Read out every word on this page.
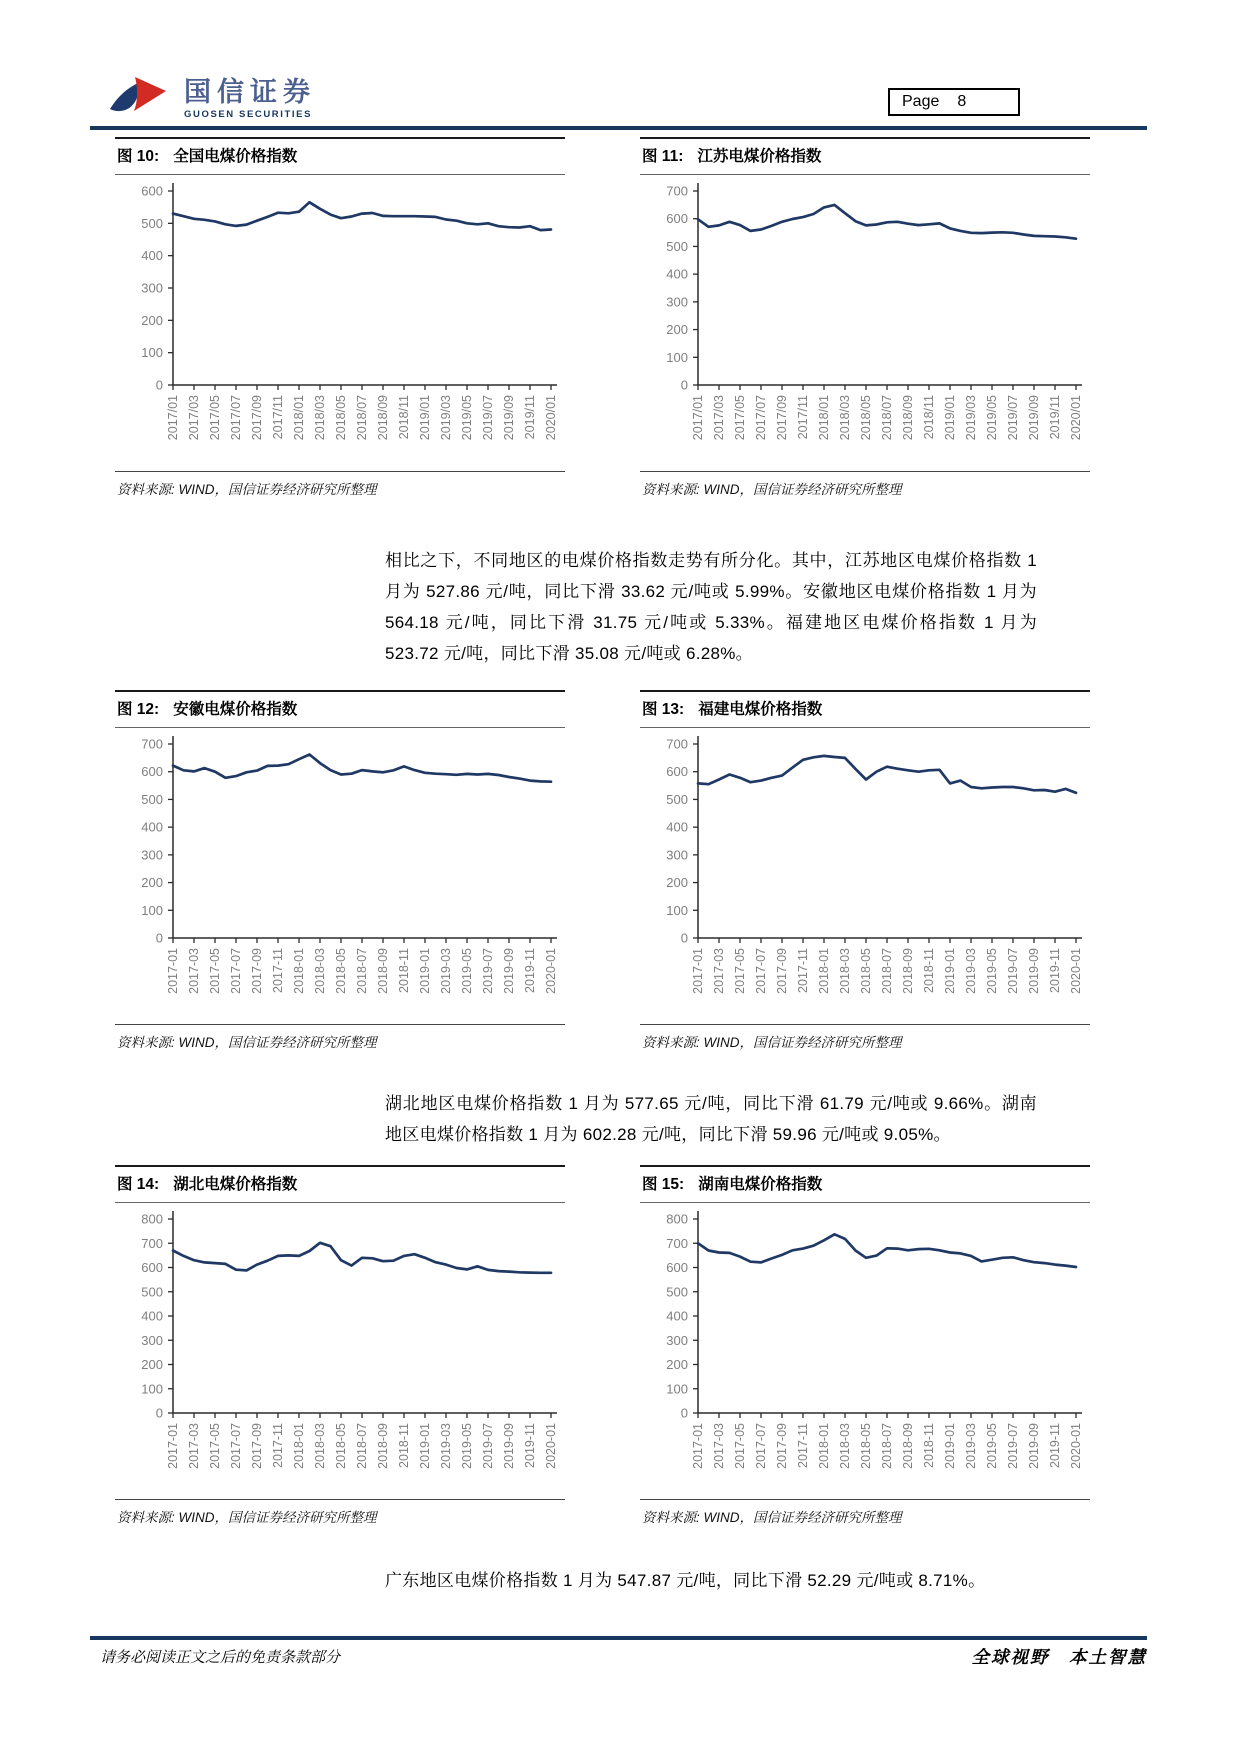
国信证券
GUOSEN SECURITIES
Page 8
图 10: 全国电煤价格指数
0
100
200
300
400
500
600
2017/01 2017/03 2017/05 2017/07 2017/09 2017/11 2018/01 2018/03 2018/05 2018/07 2018/09 2018/11 2019/01 2019/03 2019/05 2019/07 2019/09 2019/11 2020/01
资料来源: WIND，国信证券经济研究所整理
图 11: 江苏电煤价格指数
0
100
200
300
400
500
600
700
2017/01 2017/03 2017/05 2017/07 2017/09 2017/11 2018/01 2018/03 2018/05 2018/07 2018/09 2018/11 2019/01 2019/03 2019/05 2019/07 2019/09 2019/11 2020/01
资料来源: WIND，国信证券经济研究所整理
相比之下，不同地区的电煤价格指数走势有所分化。其中，江苏地区电煤价格指数 1 月为 527.86 元/吨，同比下滑 33.62 元/吨或 5.99%。安徽地区电煤价格指数 1 月为 564.18 元/吨，同比下滑 31.75 元/吨或 5.33%。福建地区电煤价格指数 1 月为 523.72 元/吨，同比下滑 35.08 元/吨或 6.28%。
图 12: 安徽电煤价格指数
0
100
200
300
400
500
600
700
2017-01 2017-03 2017-05 2017-07 2017-09 2017-11 2018-01 2018-03 2018-05 2018-07 2018-09 2018-11 2019-01 2019-03 2019-05 2019-07 2019-09 2019-11 2020-01
资料来源: WIND，国信证券经济研究所整理
图 13: 福建电煤价格指数
0
100
200
300
400
500
600
700
2017-01 2017-03 2017-05 2017-07 2017-09 2017-11 2018-01 2018-03 2018-05 2018-07 2018-09 2018-11 2019-01 2019-03 2019-05 2019-07 2019-09 2019-11 2020-01
资料来源: WIND，国信证券经济研究所整理
湖北地区电煤价格指数 1 月为 577.65 元/吨，同比下滑 61.79 元/吨或 9.66%。湖南地区电煤价格指数 1 月为 602.28 元/吨，同比下滑 59.96 元/吨或 9.05%。
图 14: 湖北电煤价格指数
0
100
200
300
400
500
600
700
800
2017-01 2017-03 2017-05 2017-07 2017-09 2017-11 2018-01 2018-03 2018-05 2018-07 2018-09 2018-11 2019-01 2019-03 2019-05 2019-07 2019-09 2019-11 2020-01
资料来源: WIND，国信证券经济研究所整理
图 15: 湖南电煤价格指数
0
100
200
300
400
500
600
700
800
2017-01 2017-03 2017-05 2017-07 2017-09 2017-11 2018-01 2018-03 2018-05 2018-07 2018-09 2018-11 2019-01 2019-03 2019-05 2019-07 2019-09 2019-11 2020-01
资料来源: WIND，国信证券经济研究所整理
广东地区电煤价格指数 1 月为 547.87 元/吨，同比下滑 52.29 元/吨或 8.71%。
请务必阅读正文之后的免责条款部分	全球视野　本土智慧
